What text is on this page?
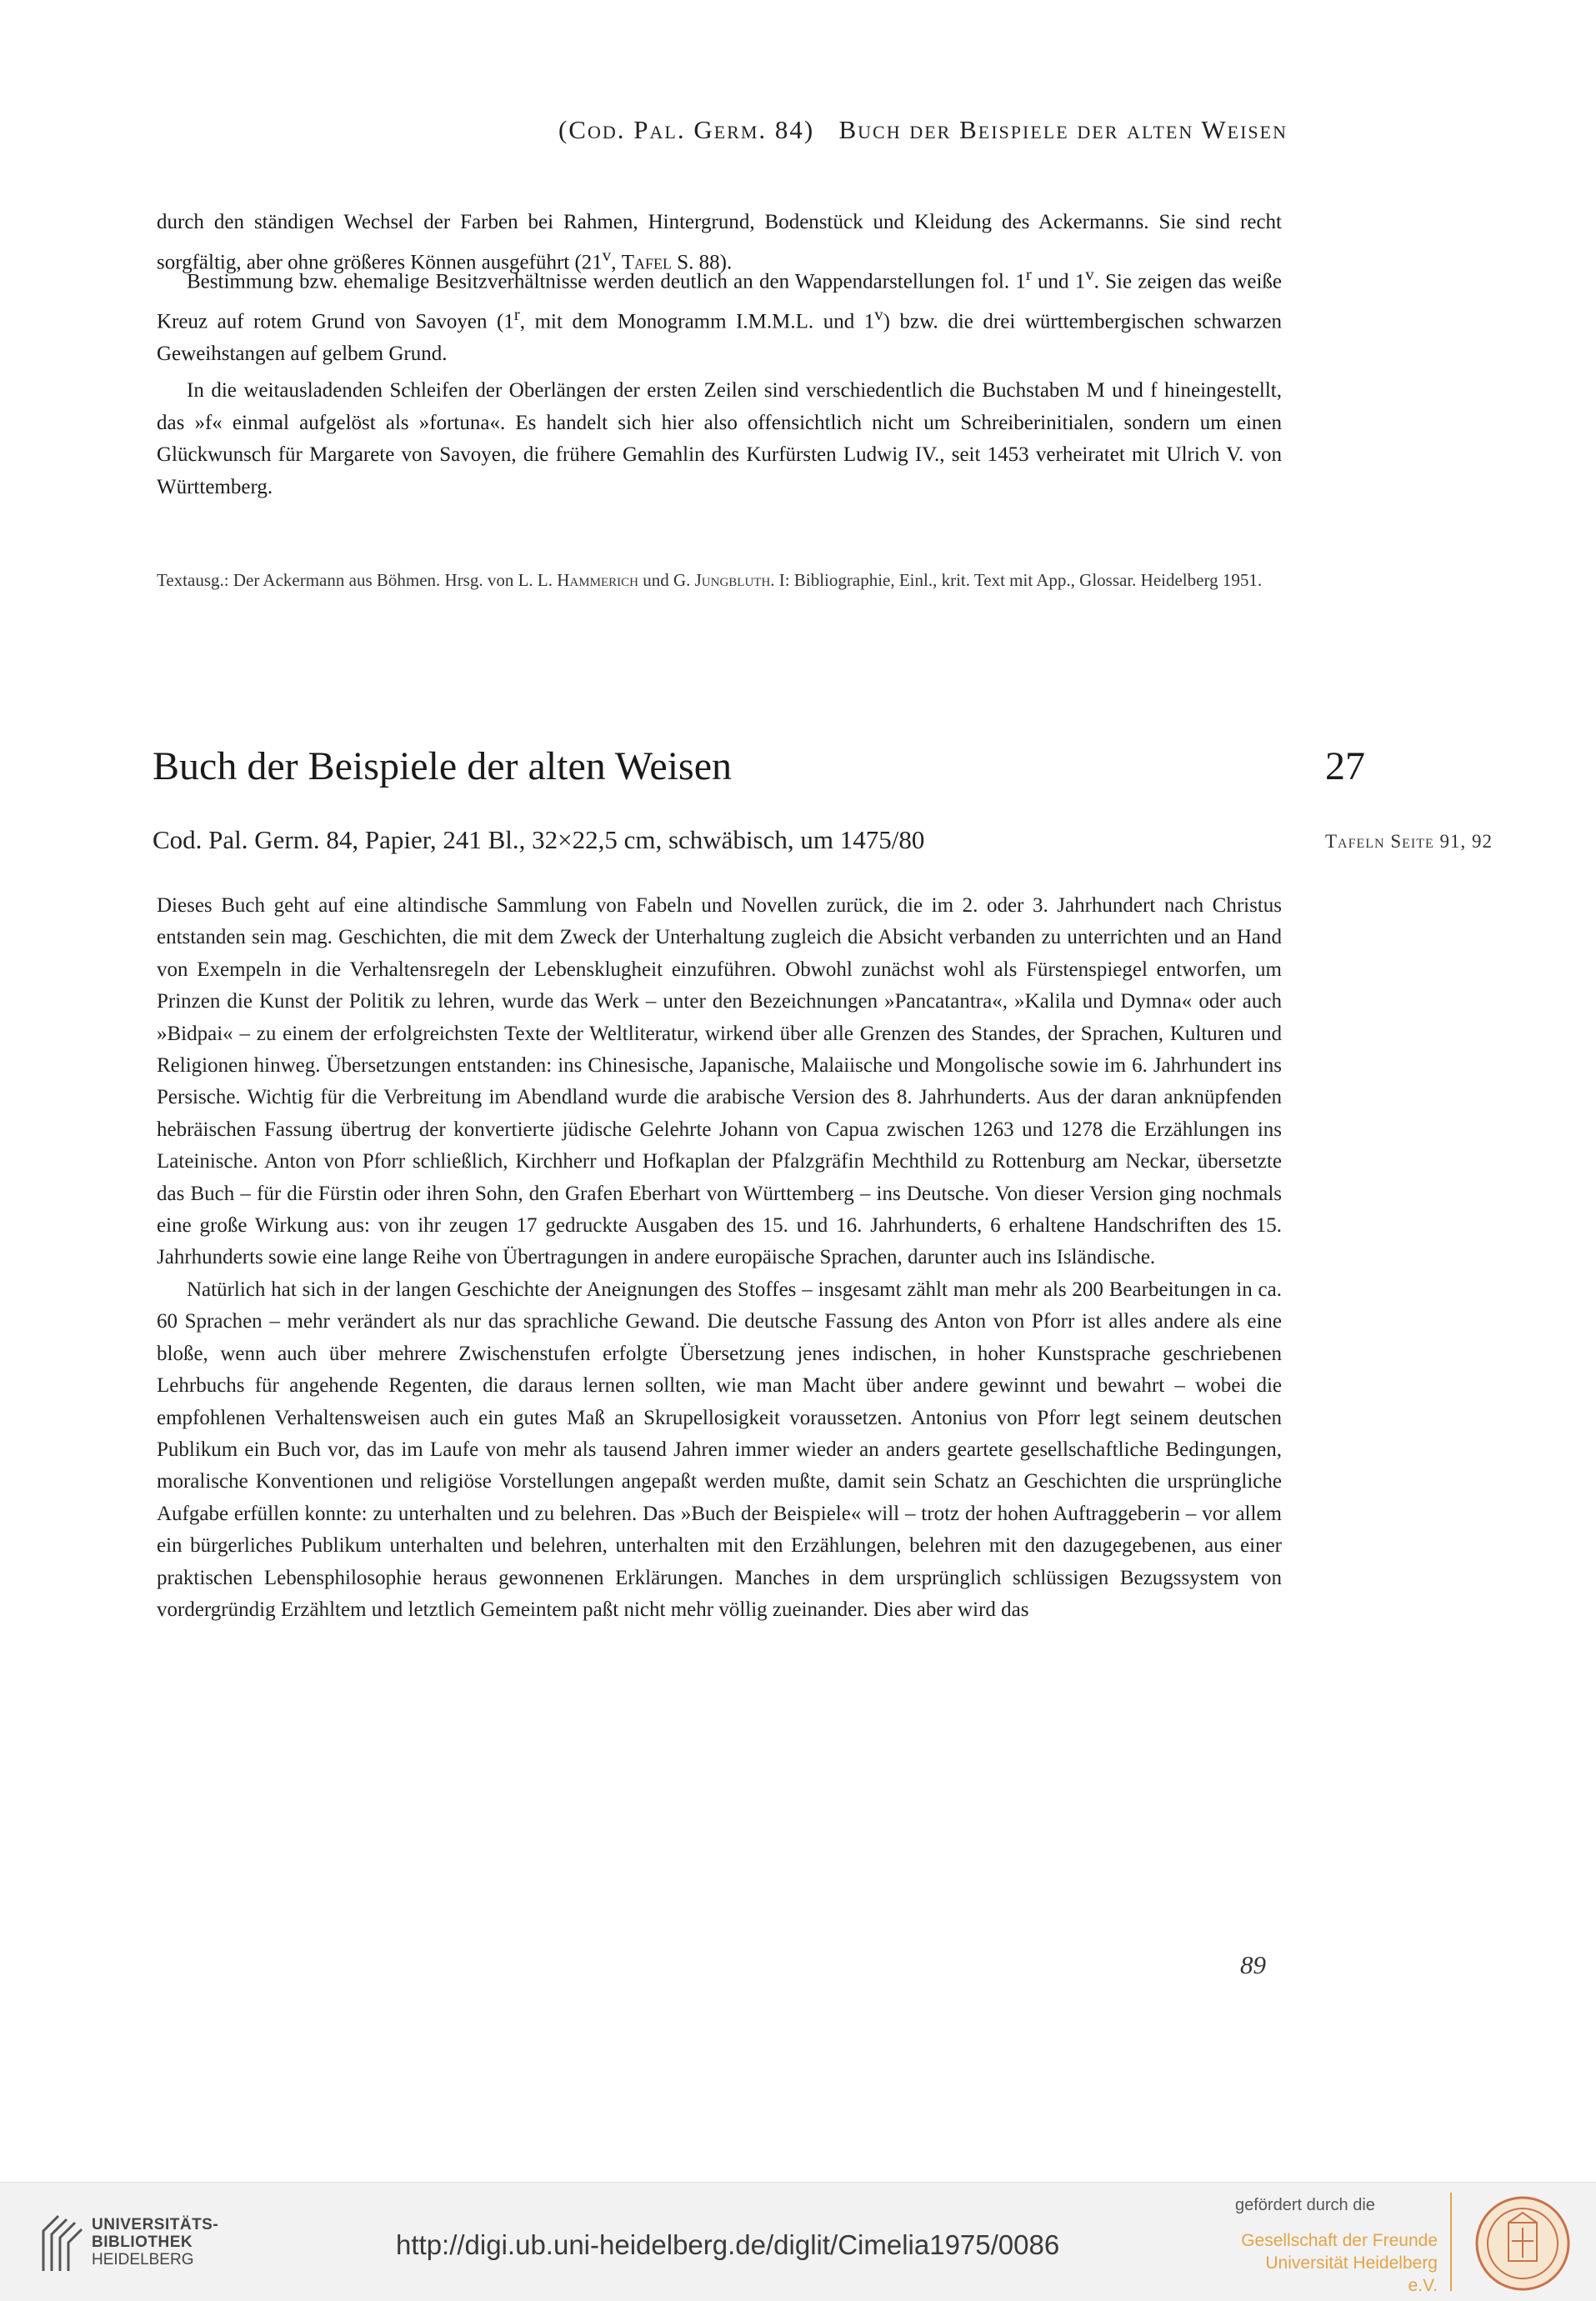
(Cod. Pal. Germ. 84) Buch der Beispiele der alten Weisen

durch den ständigen Wechsel der Farben bei Rahmen, Hintergrund, Bodenstück und Kleidung des Ackermanns. Sie sind recht sorgfältig, aber ohne größeres Können ausgeführt (21$^v$, Tafel S. 88).

Bestimmung bzw. ehemalige Besitzverhältnisse werden deutlich an den Wappendarstellungen fol. 1$^r$ und 1$^v$. Sie zeigen das weiße Kreuz auf rotem Grund von Savoyen (1$^r$, mit dem Monogramm I.M.M.L. und 1$^v$) bzw. die drei württembergischen schwarzen Geweihstangen auf gelbem Grund.

In die weitausladenden Schleifen der Oberlängen der ersten Zeilen sind verschiedentlich die Buchstaben M und f hineingestellt, das »f« einmal aufgelöst als »fortuna«. Es handelt sich hier also offensichtlich nicht um Schreiberinitialen, sondern um einen Glückwunsch für Margarete von Savoyen, die frühere Gemahlin des Kurfürsten Ludwig IV., seit 1453 verheiratet mit Ulrich V. von Württemberg.

Textausg.: Der Ackermann aus Böhmen. Hrsg. von L. L. Hammerich und G. Jungbluth. I: Bibliographie, Einl., krit. Text mit App., Glossar. Heidelberg 1951.

Buch der Beispiele der alten Weisen	27
Cod. Pal. Germ. 84, Papier, 241 Bl., 32×22,5 cm, schwäbisch, um 1475/80	Tafeln Seite 91, 92

Dieses Buch geht auf eine altindische Sammlung von Fabeln und Novellen zurück, die im 2. oder 3. Jahrhundert nach Christus entstanden sein mag. Geschichten, die mit dem Zweck der Unterhaltung zugleich die Absicht verbanden zu unterrichten und an Hand von Exempeln in die Verhaltensregeln der Lebensklugheit einzuführen. Obwohl zunächst wohl als Fürstenspiegel entworfen, um Prinzen die Kunst der Politik zu lehren, wurde das Werk – unter den Bezeichnungen »Pancatantra«, »Kalila und Dymna« oder auch »Bidpai« – zu einem der erfolgreichsten Texte der Weltliteratur, wirkend über alle Grenzen des Standes, der Sprachen, Kulturen und Religionen hinweg. Übersetzungen entstanden: ins Chinesische, Japanische, Malaiische und Mongolische sowie im 6. Jahrhundert ins Persische. Wichtig für die Verbreitung im Abendland wurde die arabische Version des 8. Jahrhunderts. Aus der daran anknüpfenden hebräischen Fassung übertrug der konvertierte jüdische Gelehrte Johann von Capua zwischen 1263 und 1278 die Erzählungen ins Lateinische. Anton von Pforr schließlich, Kirchherr und Hofkaplan der Pfalzgräfin Mechthild zu Rottenburg am Neckar, übersetzte das Buch – für die Fürstin oder ihren Sohn, den Grafen Eberhart von Württemberg – ins Deutsche. Von dieser Version ging nochmals eine große Wirkung aus: von ihr zeugen 17 gedruckte Ausgaben des 15. und 16. Jahrhunderts, 6 erhaltene Handschriften des 15. Jahrhunderts sowie eine lange Reihe von Übertragungen in andere europäische Sprachen, darunter auch ins Isländische.

Natürlich hat sich in der langen Geschichte der Aneignungen des Stoffes – insgesamt zählt man mehr als 200 Bearbeitungen in ca. 60 Sprachen – mehr verändert als nur das sprachliche Gewand. Die deutsche Fassung des Anton von Pforr ist alles andere als eine bloße, wenn auch über mehrere Zwischenstufen erfolgte Übersetzung jenes indischen, in hoher Kunstsprache geschriebenen Lehrbuchs für angehende Regenten, die daraus lernen sollten, wie man Macht über andere gewinnt und bewahrt – wobei die empfohlenen Verhaltensweisen auch ein gutes Maß an Skrupellosigkeit voraussetzen. Antonius von Pforr legt seinem deutschen Publikum ein Buch vor, das im Laufe von mehr als tausend Jahren immer wieder an anders geartete gesellschaftliche Bedingungen, moralische Konventionen und religiöse Vorstellungen angepaßt werden mußte, damit sein Schatz an Geschichten die ursprüngliche Aufgabe erfüllen konnte: zu unterhalten und zu belehren. Das »Buch der Beispiele« will – trotz der hohen Auftraggeberin – vor allem ein bürgerliches Publikum unterhalten und belehren, unterhalten mit den Erzählungen, belehren mit den dazugegebenen, aus einer praktischen Lebensphilosophie heraus gewonnenen Erklärungen. Manches in dem ursprünglich schlüssigen Bezugssystem von vordergründig Erzähltem und letztlich Gemeintem paßt nicht mehr völlig zueinander. Dies aber wird das

89
UNIVERSITÄTS-
BIBLIOTHEK
HEIDELBERG	http://digi.ub.uni-heidelberg.de/diglit/Cimelia1975/0086
gefördert durch die
Gesellschaft der Freunde
Universität Heidelberg e.V.
